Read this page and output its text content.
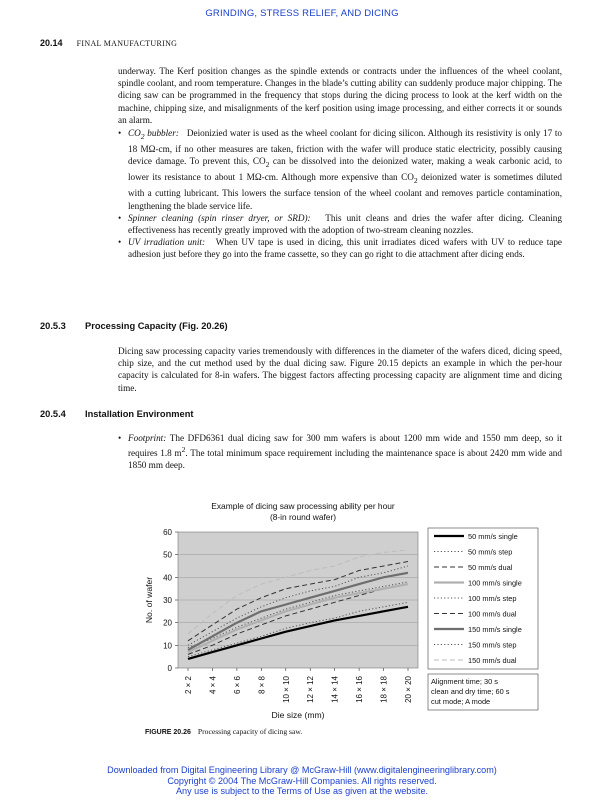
GRINDING, STRESS RELIEF, AND DICING
20.14 FINAL MANUFACTURING
underway. The Kerf position changes as the spindle extends or contracts under the influences of the wheel coolant, spindle coolant, and room temperature. Changes in the blade’s cutting ability can suddenly produce major chipping. The dicing saw can be programmed in the frequency that stops during the dicing process to look at the kerf width on the machine, chipping size, and misalignments of the kerf position using image processing, and either corrects it or sounds an alarm.
• $CO_2$ bubbler: Deionizied water is used as the wheel coolant for dicing silicon. Although its resistivity is only 17 to 18 MΩ-cm, if no other measures are taken, friction with the wafer will produce static electricity, possibly causing device damage. To prevent this, $CO_2$ can be dissolved into the deionized water, making a weak carbonic acid, to lower its resistance to about 1 MΩ-cm. Although more expensive than $CO_2$ deionized water is sometimes diluted with a cutting lubricant. This lowers the surface tension of the wheel coolant and removes particle contamination, lengthening the blade service life.
• Spinner cleaning (spin rinser dryer, or SRD): This unit cleans and dries the wafer after dicing. Cleaning effectiveness has recently greatly improved with the adoption of two-stream cleaning nozzles.
• UV irradiation unit: When UV tape is used in dicing, this unit irradiates diced wafers with UV to reduce tape adhesion just before they go into the frame cassette, so they can go right to die attachment after dicing ends.
20.5.3 Processing Capacity (Fig. 20.26)
Dicing saw processing capacity varies tremendously with differences in the diameter of the wafers diced, dicing speed, chip size, and the cut method used by the dual dicing saw. Figure 20.15 depicts an example in which the per-hour capacity is calculated for 8-in wafers. The biggest factors affecting processing capacity are alignment time and dicing time.
20.5.4 Installation Environment
• Footprint: The DFD6361 dual dicing saw for 300 mm wafers is about 1200 mm wide and 1550 mm deep, so it requires 1.8 $m^2$. The total minimum space requirement including the maintenance space is about 2420 mm wide and 1850 mm deep.
Example of dicing saw processing ability per hour
(8-in round wafer)
0
10
20
30
40
50
60
2 × 2 4 × 4 6 × 6 8 × 8 10 × 10 12 × 12 14 × 14 16 × 16 18 × 18 20 × 20
No. of wafer
Die size (mm)
50 mm/s single
50 mm/s step
50 mm/s dual
100 mm/s single
100 mm/s step
100 mm/s dual
150 mm/s single
150 mm/s step
150 mm/s dual
Alignment time; 30 s
clean and dry time; 60 s
cut mode; A mode
FIGURE 20.26 Processing capacity of dicing saw.
Downloaded from Digital Engineering Library @ McGraw-Hill (www.digitalengineeringlibrary.com)
Copyright © 2004 The McGraw-Hill Companies. All rights reserved.
Any use is subject to the Terms of Use as given at the website.
